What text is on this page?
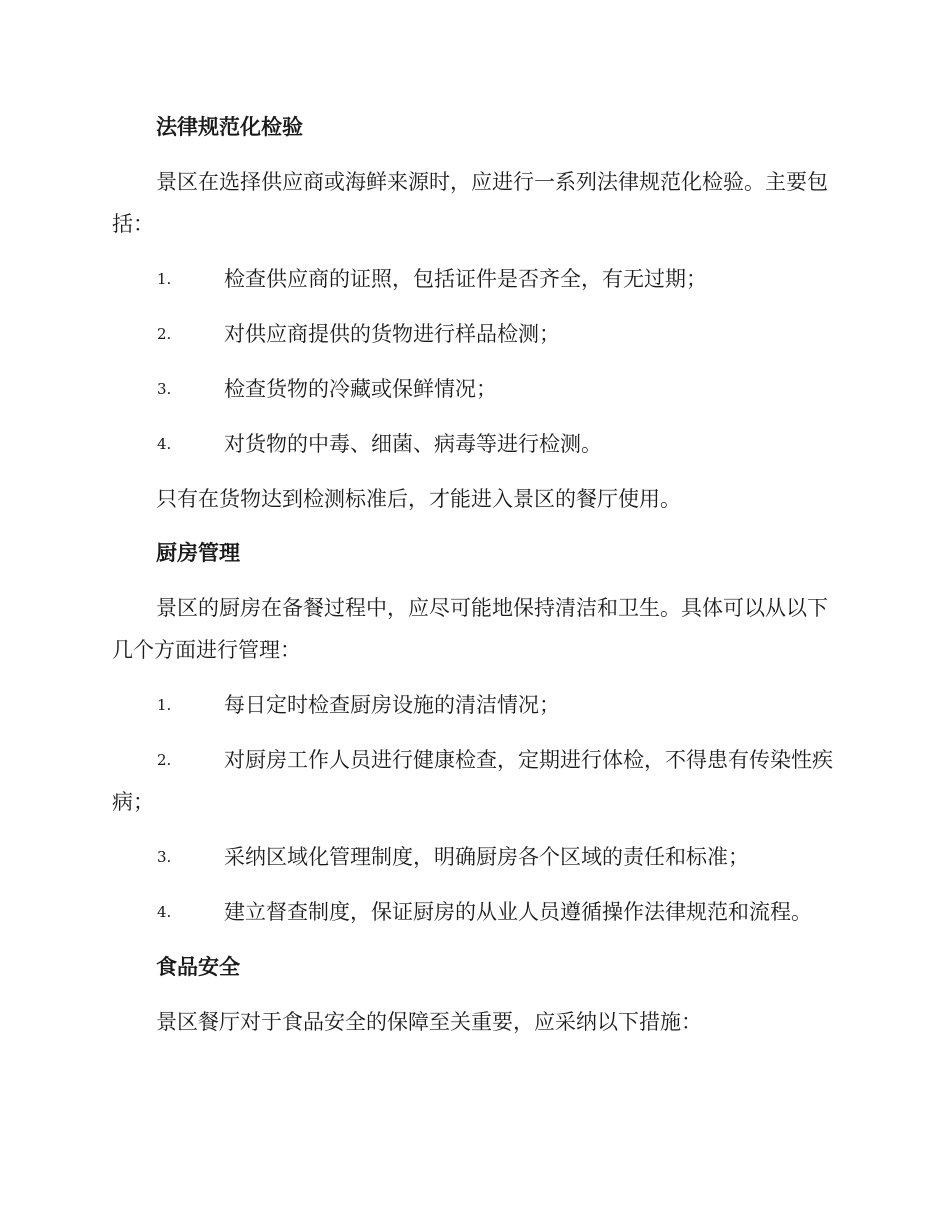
法律规范化检验
景区在选择供应商或海鲜来源时，应进行一系列法律规范化检验。主要包括：
1.	检查供应商的证照，包括证件是否齐全，有无过期；
2.	对供应商提供的货物进行样品检测；
3.	检查货物的冷藏或保鲜情况；
4.	对货物的中毒、细菌、病毒等进行检测。
只有在货物达到检测标准后，才能进入景区的餐厅使用。
厨房管理
景区的厨房在备餐过程中，应尽可能地保持清洁和卫生。具体可以从以下几个方面进行管理：
1.	每日定时检查厨房设施的清洁情况；
2.	对厨房工作人员进行健康检查，定期进行体检，不得患有传染性疾病；
3.	采纳区域化管理制度，明确厨房各个区域的责任和标准；
4.	建立督查制度，保证厨房的从业人员遵循操作法律规范和流程。
食品安全
景区餐厅对于食品安全的保障至关重要，应采纳以下措施：
